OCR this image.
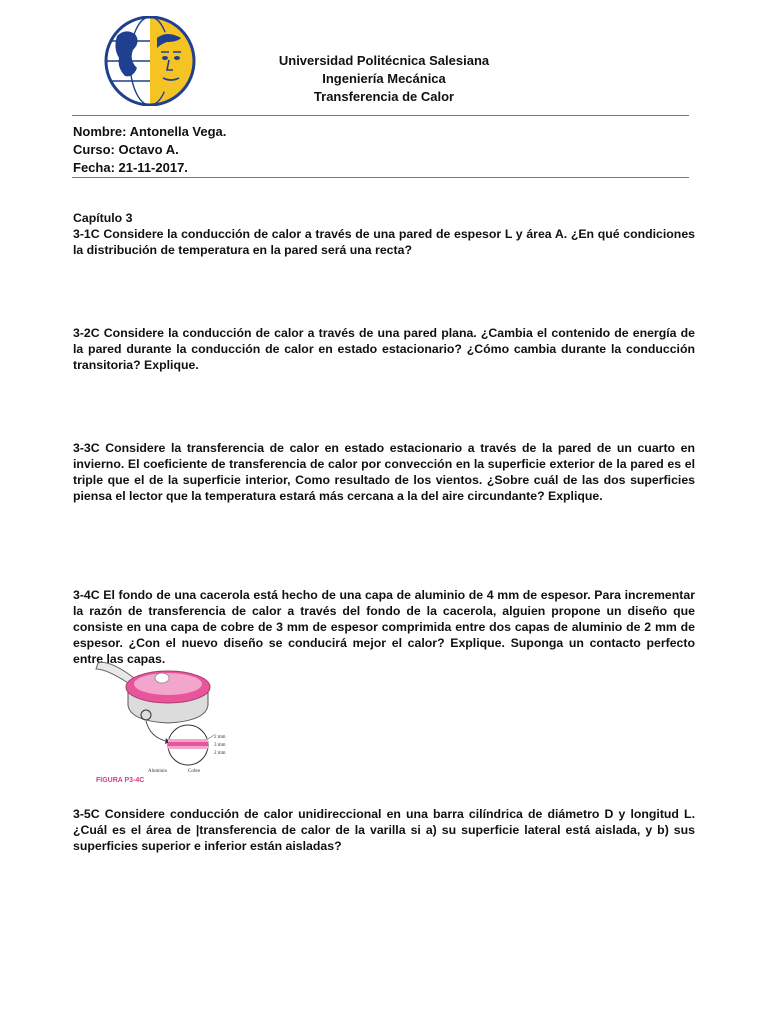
Universidad Politécnica Salesiana
Ingeniería Mecánica
Transferencia de Calor
Nombre: Antonella Vega.
Curso: Octavo A.
Fecha: 21-11-2017.

Capítulo 3

3-1C Considere la conducción de calor a través de una pared de espesor L y área A. ¿En qué condiciones la distribución de temperatura en la pared será una recta?

3-2C Considere la conducción de calor a través de una pared plana. ¿Cambia el contenido de energía de la pared durante la conducción de calor en estado estacionario? ¿Cómo cambia durante la conducción transitoria? Explique.
3-3C Considere la transferencia de calor en estado estacionario a través de la pared de un cuarto en invierno. El coeficiente de transferencia de calor por convección en la superficie exterior de la pared es el triple que el de la superficie interior, Como resultado de los vientos. ¿Sobre cuál de las dos superficies piensa el lector que la temperatura estará más cercana a la del aire circundante? Explique.
3-4C El fondo de una cacerola está hecho de una capa de aluminio de 4 mm de espesor. Para incrementar la razón de transferencia de calor a través del fondo de la cacerola, alguien propone un diseño que consiste en una capa de cobre de 3 mm de espesor comprimida entre dos capas de aluminio de 2 mm de espesor. ¿Con el nuevo diseño se conducirá mejor el calor? Explique. Suponga un contacto perfecto entre las capas.
2 mm
3 mm
2 mm
Aluminio	Cobre
FIGURA P3-4C
3-5C Considere conducción de calor unidireccional en una barra cilíndrica de diámetro D y longitud L. ¿Cuál es el área de |transferencia de calor de la varilla si a) su superficie lateral está aislada, y b) sus superficies superior e inferior están aisladas?
